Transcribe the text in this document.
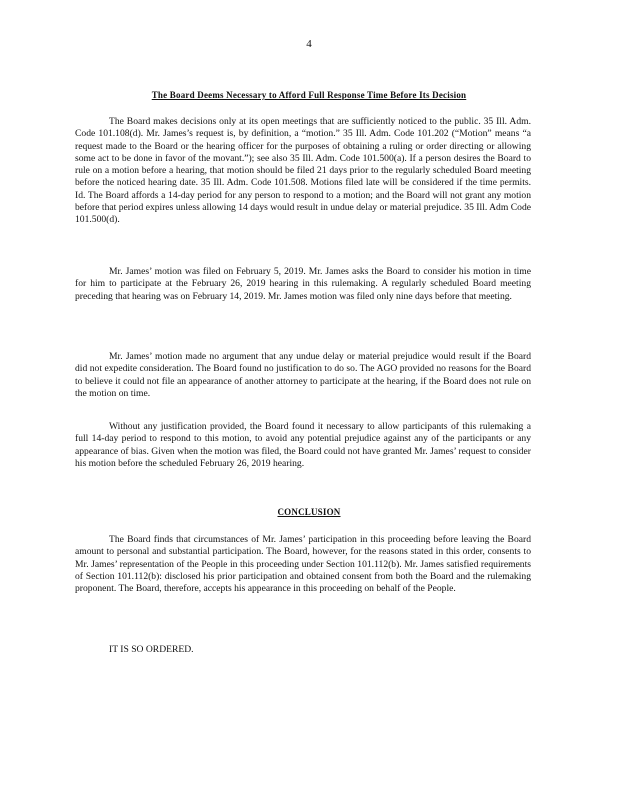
4
The Board Deems Necessary to Afford Full Response Time Before Its Decision

The Board makes decisions only at its open meetings that are sufficiently noticed to the public. 35 Ill. Adm. Code 101.108(d). Mr. James’s request is, by definition, a “motion.” 35 Ill. Adm. Code 101.202 (“Motion” means “a request made to the Board or the hearing officer for the purposes of obtaining a ruling or order directing or allowing some act to be done in favor of the movant.”); see also 35 Ill. Adm. Code 101.500(a). If a person desires the Board to rule on a motion before a hearing, that motion should be filed 21 days prior to the regularly scheduled Board meeting before the noticed hearing date. 35 Ill. Adm. Code 101.508. Motions filed late will be considered if the time permits. Id. The Board affords a 14-day period for any person to respond to a motion; and the Board will not grant any motion before that period expires unless allowing 14 days would result in undue delay or material prejudice. 35 Ill. Adm Code 101.500(d).

Mr. James’ motion was filed on February 5, 2019. Mr. James asks the Board to consider his motion in time for him to participate at the February 26, 2019 hearing in this rulemaking. A regularly scheduled Board meeting preceding that hearing was on February 14, 2019. Mr. James motion was filed only nine days before that meeting.

Mr. James’ motion made no argument that any undue delay or material prejudice would result if the Board did not expedite consideration. The Board found no justification to do so. The AGO provided no reasons for the Board to believe it could not file an appearance of another attorney to participate at the hearing, if the Board does not rule on the motion on time.

Without any justification provided, the Board found it necessary to allow participants of this rulemaking a full 14-day period to respond to this motion, to avoid any potential prejudice against any of the participants or any appearance of bias. Given when the motion was filed, the Board could not have granted Mr. James’ request to consider his motion before the scheduled February 26, 2019 hearing.

CONCLUSION

The Board finds that circumstances of Mr. James’ participation in this proceeding before leaving the Board amount to personal and substantial participation. The Board, however, for the reasons stated in this order, consents to Mr. James’ representation of the People in this proceeding under Section 101.112(b). Mr. James satisfied requirements of Section 101.112(b): disclosed his prior participation and obtained consent from both the Board and the rulemaking proponent. The Board, therefore, accepts his appearance in this proceeding on behalf of the People.

IT IS SO ORDERED.
